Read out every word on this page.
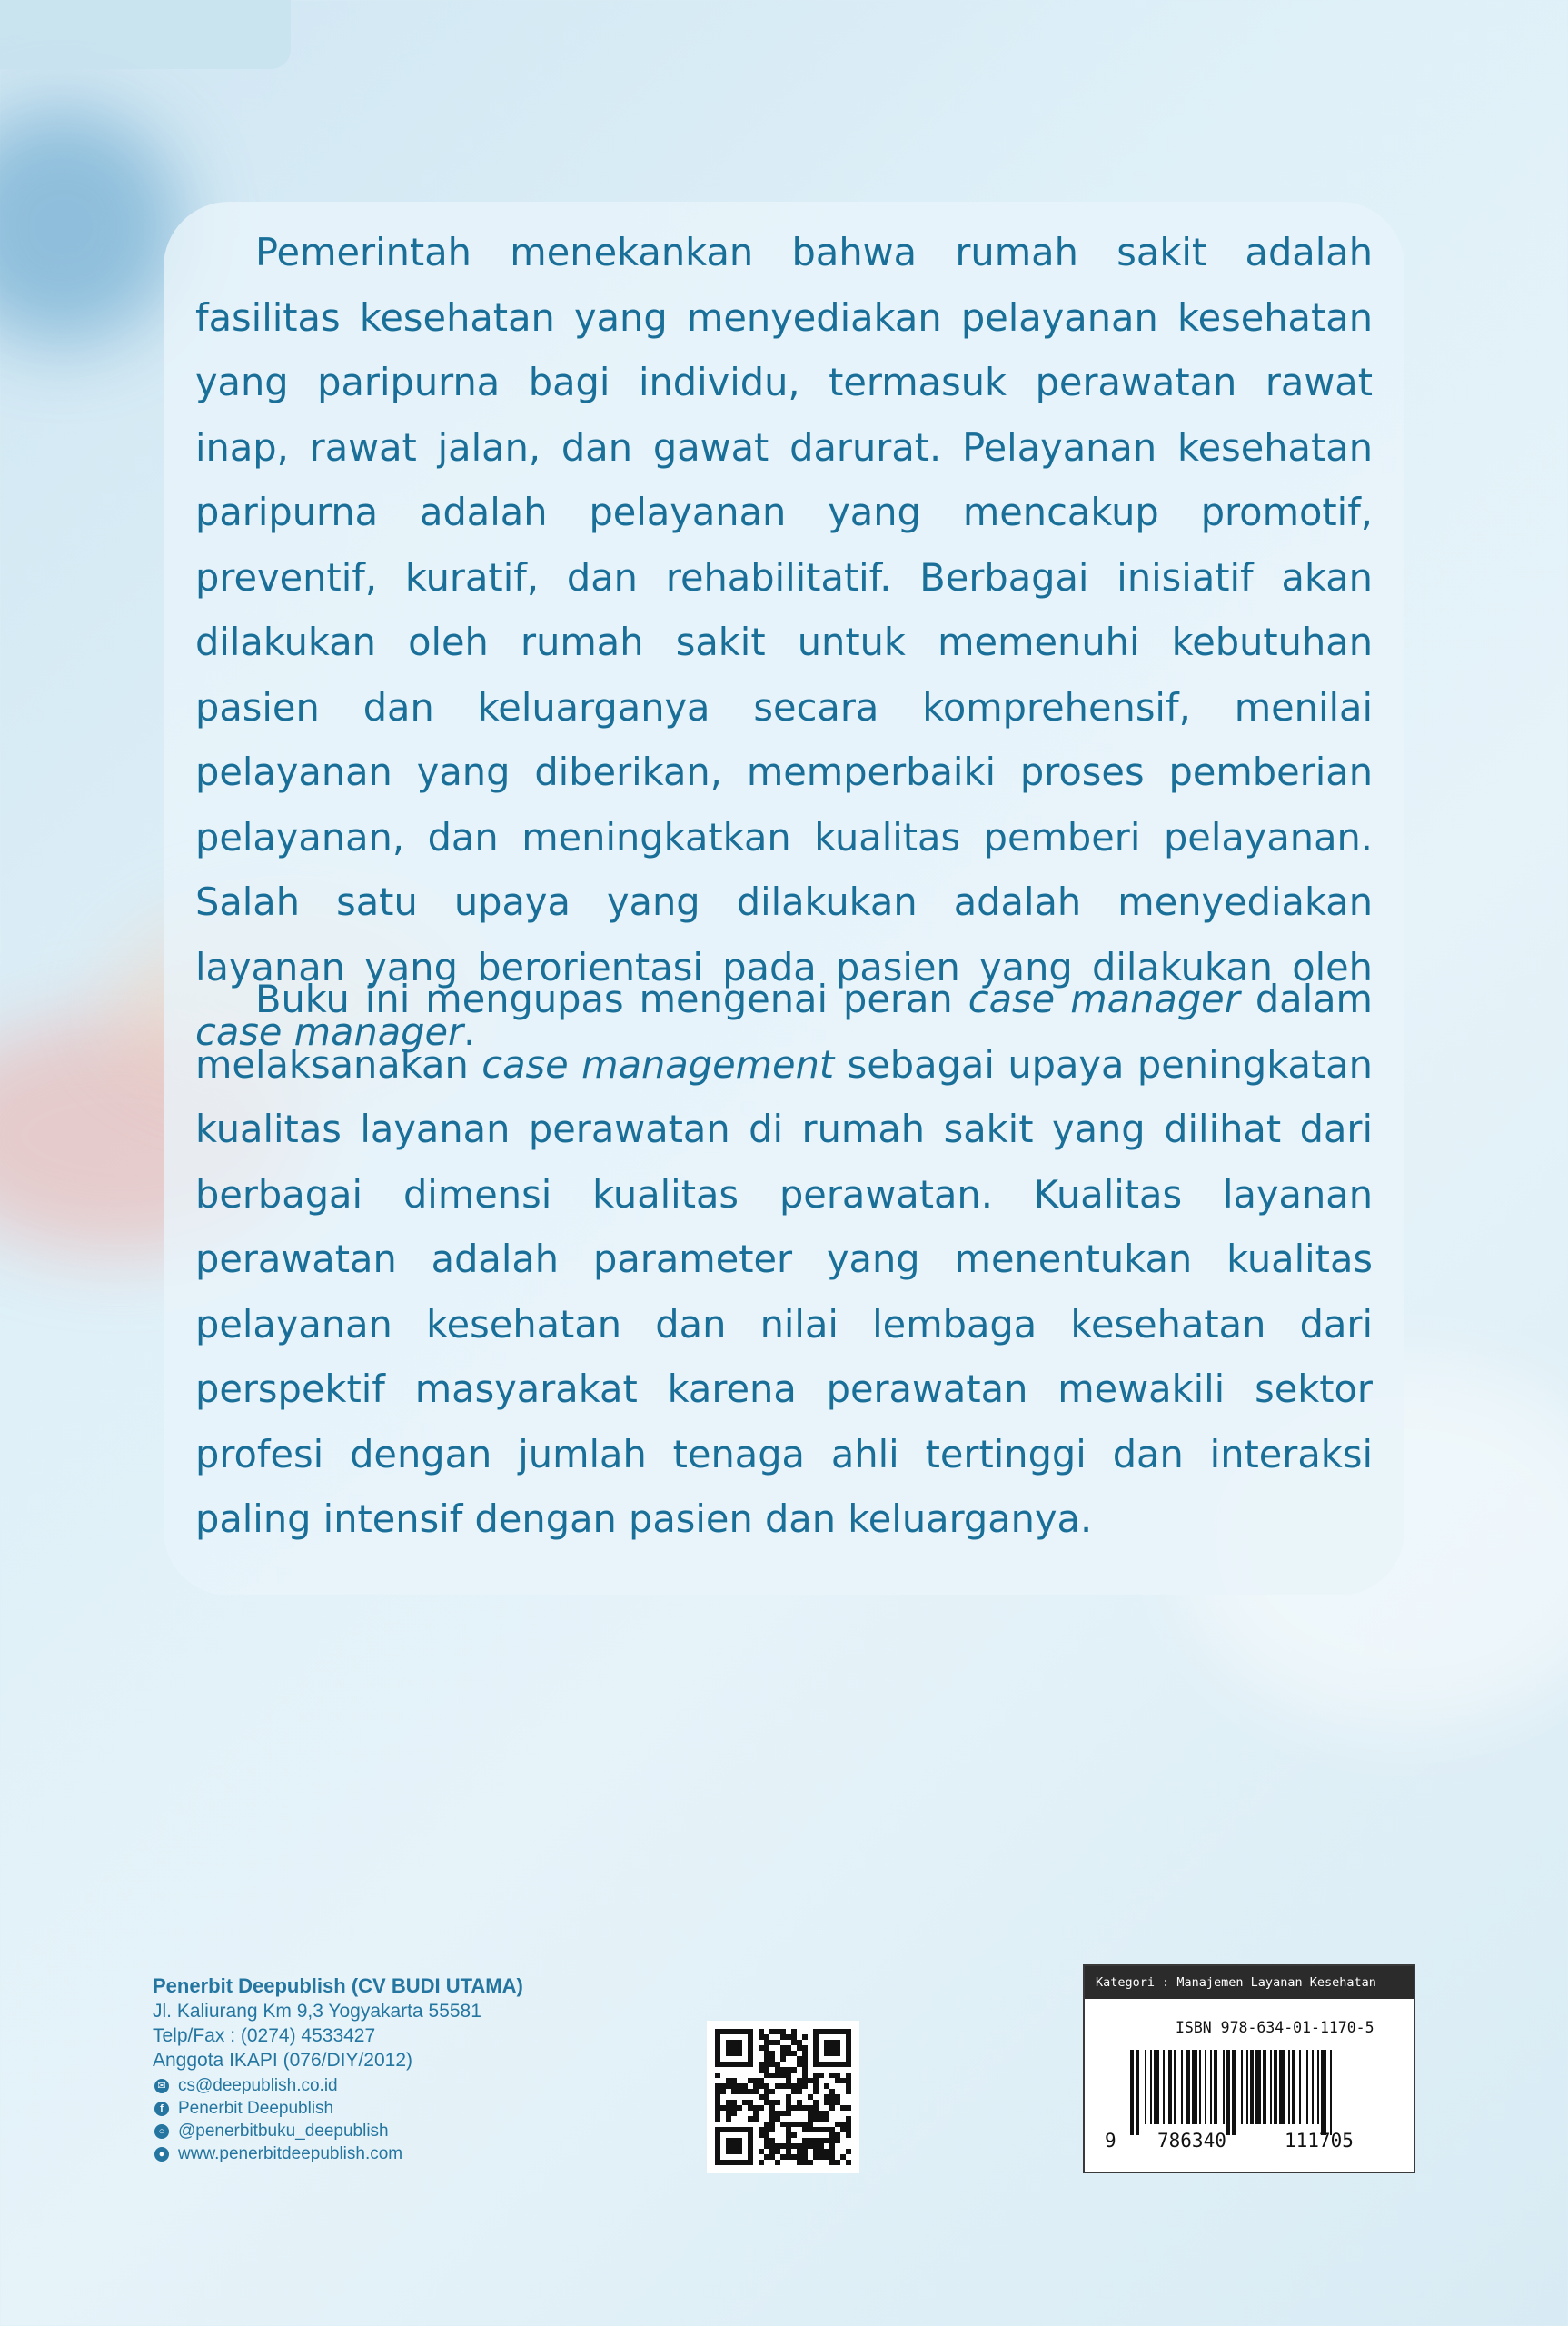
Pemerintah menekankan bahwa rumah sakit adalah fasilitas kesehatan yang menyediakan pelayanan kesehatan yang paripurna bagi individu, termasuk perawatan rawat inap, rawat jalan, dan gawat darurat. Pelayanan kesehatan paripurna adalah pelayanan yang mencakup promotif, preventif, kuratif, dan rehabilitatif. Berbagai inisiatif akan dilakukan oleh rumah sakit untuk memenuhi kebutuhan pasien dan keluarganya secara komprehensif, menilai pelayanan yang diberikan, memperbaiki proses pemberian pelayanan, dan meningkatkan kualitas pemberi pelayanan. Salah satu upaya yang dilakukan adalah menyediakan layanan yang berorientasi pada pasien yang dilakukan oleh case manager.

Buku ini mengupas mengenai peran case manager dalam melaksanakan case management sebagai upaya peningkatan kualitas layanan perawatan di rumah sakit yang dilihat dari berbagai dimensi kualitas perawatan. Kualitas layanan perawatan adalah parameter yang menentukan kualitas pelayanan kesehatan dan nilai lembaga kesehatan dari perspektif masyarakat karena perawatan mewakili sektor profesi dengan jumlah tenaga ahli tertinggi dan interaksi paling intensif dengan pasien dan keluarganya.

Penerbit Deepublish (CV BUDI UTAMA)
Jl. Kaliurang Km 9,3 Yogyakarta 55581
Telp/Fax : (0274) 4533427
Anggota IKAPI (076/DIY/2012)
✉ cs@deepublish.co.id
f Penerbit Deepublish
○ @penerbitbuku_deepublish
● www.penerbitdeepublish.com
Kategori : Manajemen Layanan Kesehatan
ISBN 978-634-01-1170-5
9 786340	111705
